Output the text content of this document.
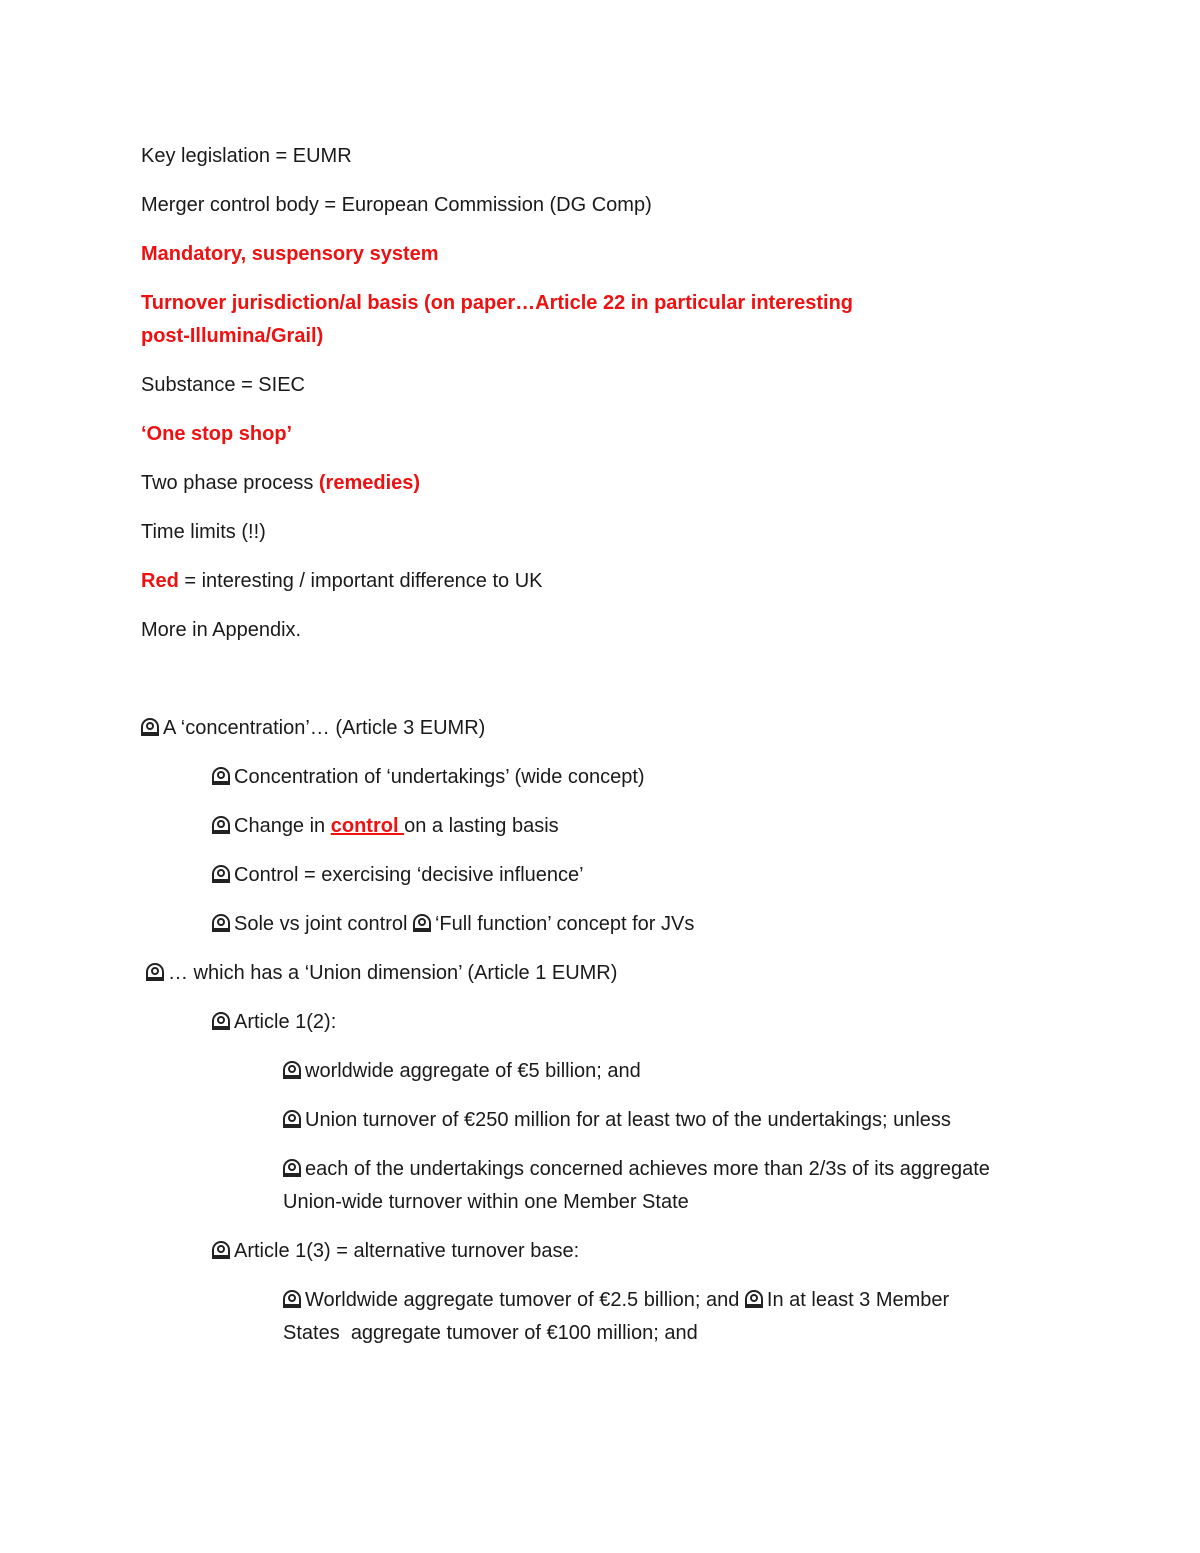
Key legislation = EUMR
Merger control body = European Commission (DG Comp)
Mandatory, suspensory system
Turnover jurisdiction/al basis (on paper…Article 22 in particular interesting
post-Illumina/Grail)
Substance = SIEC
‘One stop shop’
Two phase process (remedies)
Time limits (!!)
Red = interesting / important difference to UK
More in Appendix.
A ‘concentration’… (Article 3 EUMR)
Concentration of ‘undertakings’ (wide concept)
Change in control on a lasting basis
Control = exercising ‘decisive influence’
Sole vs joint control ‘Full function’ concept for JVs
… which has a ‘Union dimension’ (Article 1 EUMR)
Article 1(2):
worldwide aggregate of €5 billion; and
Union turnover of €250 million for at least two of the undertakings; unless
each of the undertakings concerned achieves more than 2/3s of its aggregate
Union-wide turnover within one Member State
Article 1(3) = alternative turnover base:
Worldwide aggregate tumover of €2.5 billion; and In at least 3 Member
States  aggregate tumover of €100 million; and
